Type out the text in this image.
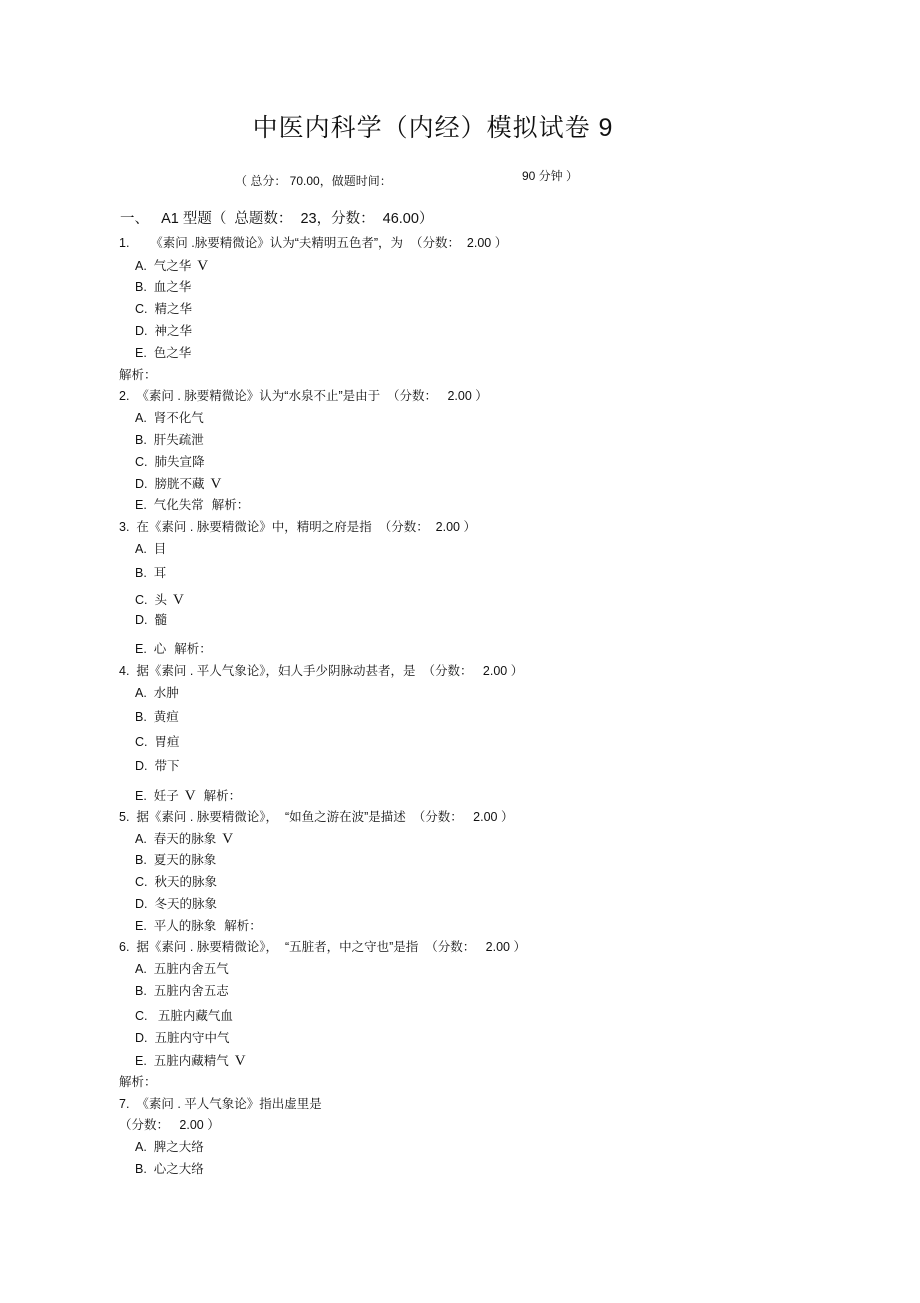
中医内科学（内经）模拟试卷 9
（ 总分： 70.00，做题时间：	90 分钟 ）
一、   A1 型题（  总题数：  23，分数：  46.00）
1.      《素问 .脉要精微论》认为“夫精明五色者”，为  （分数：  2.00 ）
A.  气之华 V
B.  血之华
C.  精之华
D.  神之华
E.  色之华
解析：
2.  《素问 . 脉要精微论》认为“水泉不止”是由于  （分数：   2.00 ）
A.  肾不化气
B.  肝失疏泄
C.  肺失宣降
D.  膀胱不藏 V
E.  气化失常 解析：
3.  在《素问 . 脉要精微论》中，精明之府是指  （分数：  2.00 ）
A.  目
B.  耳
C.  头 V
D.  髓
E.  心 解析：
4.  据《素问 . 平人气象论》，妇人手少阴脉动甚者，是  （分数：   2.00 ）
A.  水肿
B.  黄疸
C.  胃疸
D.  带下
E.  妊子 V 解析：
5.  据《素问 . 脉要精微论》，  “如鱼之游在波”是描述  （分数：   2.00 ）
A.  春天的脉象 V
B.  夏天的脉象
C.  秋天的脉象
D.  冬天的脉象
E.  平人的脉象 解析：
6.  据《素问 . 脉要精微论》，  “五脏者，中之守也”是指  （分数：   2.00 ）
A.  五脏内舍五气
B.  五脏内舍五志
C.   五脏内藏气血
D.  五脏内守中气
E.  五脏内藏精气 V
解析：
7.  《素问 . 平人气象论》指出虚里是
（分数：   2.00 ）
A.  脾之大络
B.  心之大络
